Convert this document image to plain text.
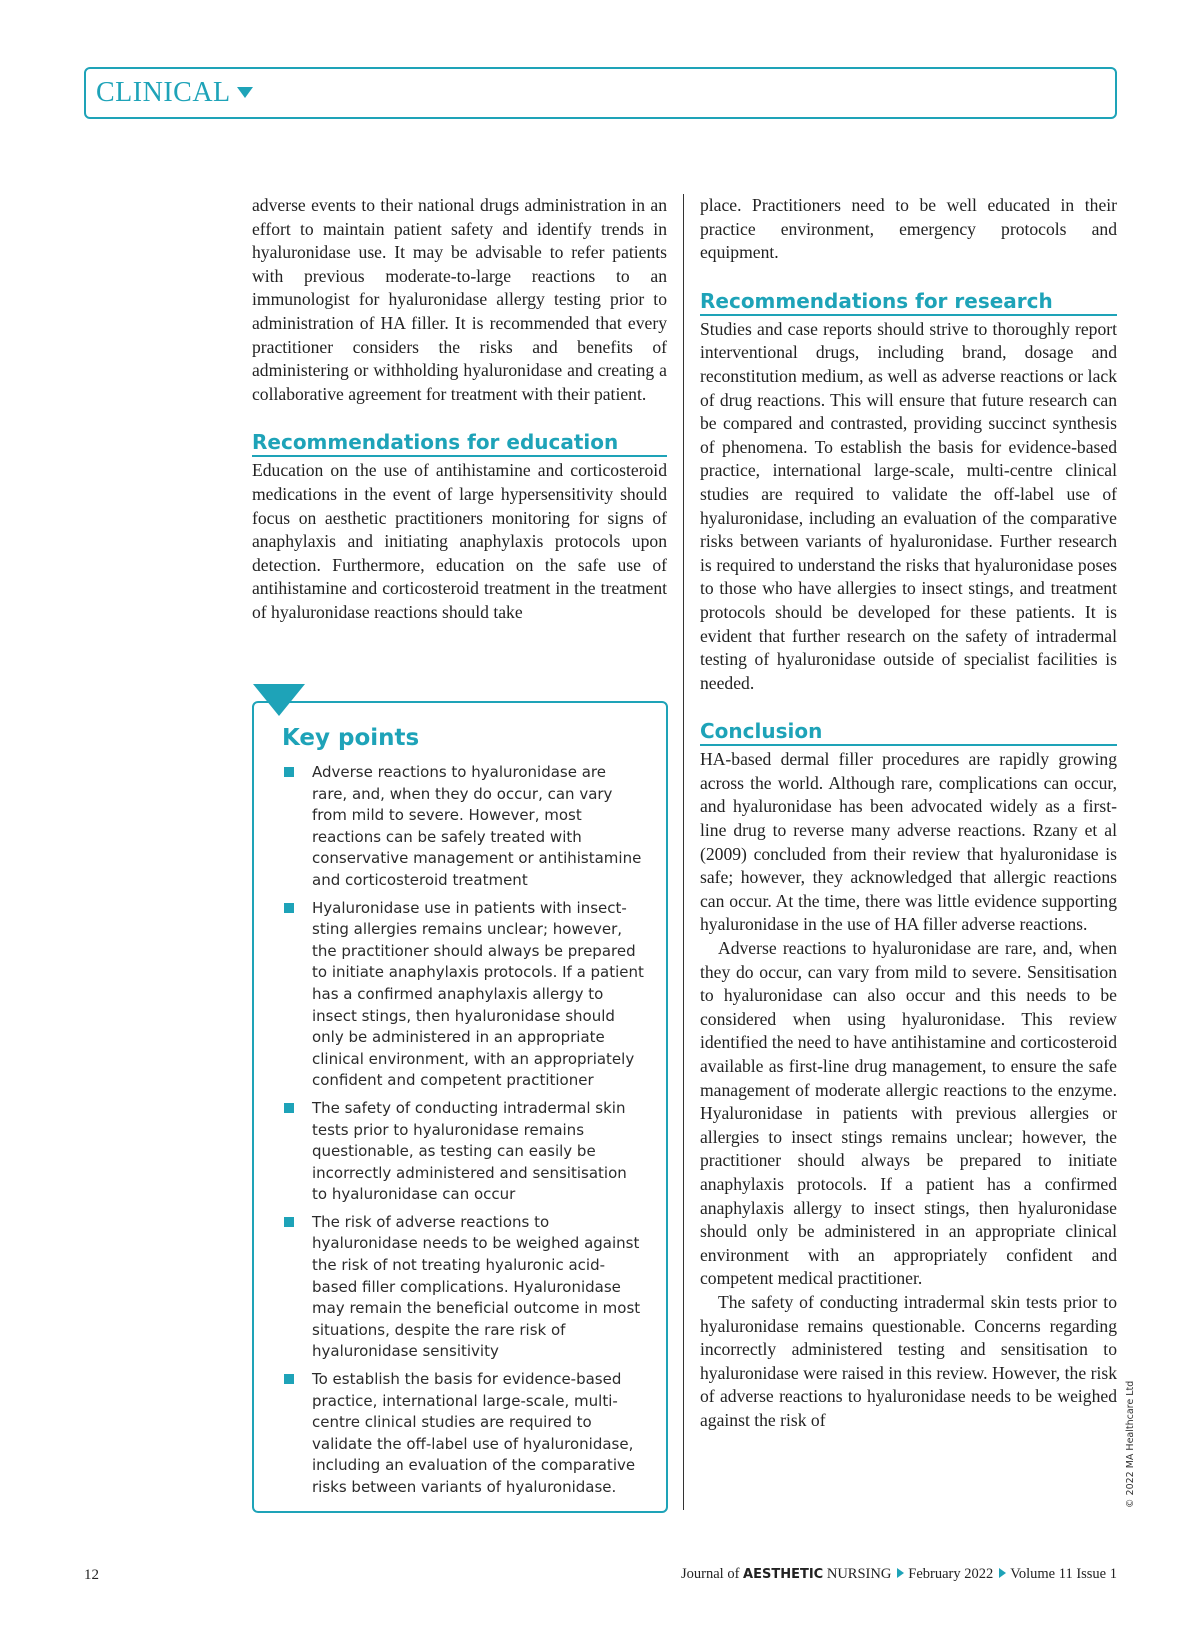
CLINICAL

adverse events to their national drugs administration in an effort to maintain patient safety and identify trends in hyaluronidase use. It may be advisable to refer patients with previous moderate-to-large reactions to an immunologist for hyaluronidase allergy testing prior to administration of HA filler. It is recommended that every practitioner considers the risks and benefits of administering or withholding hyaluronidase and creating a collaborative agreement for treatment with their patient.

Recommendations for education

Education on the use of antihistamine and corticosteroid medications in the event of large hypersensitivity should focus on aesthetic practitioners monitoring for signs of anaphylaxis and initiating anaphylaxis protocols upon detection. Furthermore, education on the safe use of antihistamine and corticosteroid treatment in the treatment of hyaluronidase reactions should take

Key points
Adverse reactions to hyaluronidase are rare, and, when they do occur, can vary from mild to severe. However, most reactions can be safely treated with conservative management or antihistamine and corticosteroid treatment
Hyaluronidase use in patients with insect-sting allergies remains unclear; however, the practitioner should always be prepared to initiate anaphylaxis protocols. If a patient has a confirmed anaphylaxis allergy to insect stings, then hyaluronidase should only be administered in an appropriate clinical environment, with an appropriately confident and competent practitioner
The safety of conducting intradermal skin tests prior to hyaluronidase remains questionable, as testing can easily be incorrectly administered and sensitisation to hyaluronidase can occur
The risk of adverse reactions to hyaluronidase needs to be weighed against the risk of not treating hyaluronic acid-based filler complications. Hyaluronidase may remain the beneficial outcome in most situations, despite the rare risk of hyaluronidase sensitivity
To establish the basis for evidence-based practice, international large-scale, multi-centre clinical studies are required to validate the off-label use of hyaluronidase, including an evaluation of the comparative risks between variants of hyaluronidase.

place. Practitioners need to be well educated in their practice environment, emergency protocols and equipment.

Recommendations for research

Studies and case reports should strive to thoroughly report interventional drugs, including brand, dosage and reconstitution medium, as well as adverse reactions or lack of drug reactions. This will ensure that future research can be compared and contrasted, providing succinct synthesis of phenomena. To establish the basis for evidence-based practice, international large-scale, multi-centre clinical studies are required to validate the off-label use of hyaluronidase, including an evaluation of the comparative risks between variants of hyaluronidase. Further research is required to understand the risks that hyaluronidase poses to those who have allergies to insect stings, and treatment protocols should be developed for these patients. It is evident that further research on the safety of intradermal testing of hyaluronidase outside of specialist facilities is needed.

Conclusion

HA-based dermal filler procedures are rapidly growing across the world. Although rare, complications can occur, and hyaluronidase has been advocated widely as a first-line drug to reverse many adverse reactions. Rzany et al (2009) concluded from their review that hyaluronidase is safe; however, they acknowledged that allergic reactions can occur. At the time, there was little evidence supporting hyaluronidase in the use of HA filler adverse reactions.

Adverse reactions to hyaluronidase are rare, and, when they do occur, can vary from mild to severe. Sensitisation to hyaluronidase can also occur and this needs to be considered when using hyaluronidase. This review identified the need to have antihistamine and corticosteroid available as first-line drug management, to ensure the safe management of moderate allergic reactions to the enzyme. Hyaluronidase in patients with previous allergies or allergies to insect stings remains unclear; however, the practitioner should always be prepared to initiate anaphylaxis protocols. If a patient has a confirmed anaphylaxis allergy to insect stings, then hyaluronidase should only be administered in an appropriate clinical environment with an appropriately confident and competent medical practitioner.

The safety of conducting intradermal skin tests prior to hyaluronidase remains questionable. Concerns regarding incorrectly administered testing and sensitisation to hyaluronidase were raised in this review. However, the risk of adverse reactions to hyaluronidase needs to be weighed against the risk of	© 2022 MA Healthcare Ltd
12	Journal of AESTHETIC NURSING February 2022 Volume 11 Issue 1
